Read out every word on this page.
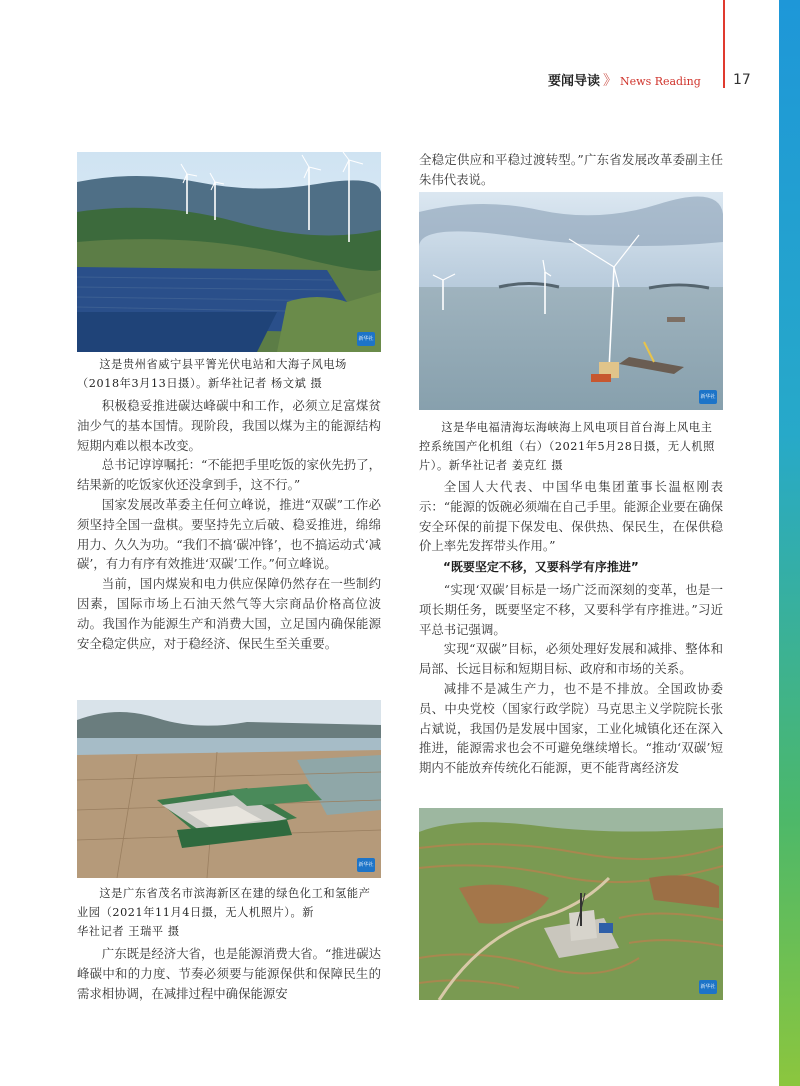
要闻导读 》 News Reading 17
新华社

这是贵州省威宁县平箐光伏电站和大海子风电场（2018年3月13日摄）。新华社记者 杨文斌 摄

积极稳妥推进碳达峰碳中和工作，必须立足富煤贫油少气的基本国情。现阶段，我国以煤为主的能源结构短期内难以根本改变。

总书记谆谆嘱托：“不能把手里吃饭的家伙先扔了，结果新的吃饭家伙还没拿到手，这不行。”

国家发展改革委主任何立峰说，推进“双碳”工作必须坚持全国一盘棋。要坚持先立后破、稳妥推进，绵绵用力、久久为功。“我们不搞‘碳冲锋’，也不搞运动式‘减碳’，有力有序有效推进‘双碳’工作。”何立峰说。

当前，国内煤炭和电力供应保障仍然存在一些制约因素，国际市场上石油天然气等大宗商品价格高位波动。我国作为能源生产和消费大国，立足国内确保能源安全稳定供应，对于稳经济、保民生至关重要。

新华社

这是广东省茂名市滨海新区在建的绿色化工和氢能产业园（2021年11月4日摄，无人机照片）。新

华社记者 王瑞平 摄

广东既是经济大省，也是能源消费大省。“推进碳达峰碳中和的力度、节奏必须要与能源保供和保障民生的需求相协调，在减排过程中确保能源安

全稳定供应和平稳过渡转型。”广东省发展改革委副主任朱伟代表说。

新华社

这是华电福清海坛海峡海上风电项目首台海上风电主控系统国产化机组（右）（2021年5月28日摄，无人机照片）。新华社记者 姜克红 摄

全国人大代表、中国华电集团董事长温枢刚表示：“能源的饭碗必须端在自己手里。能源企业要在确保安全环保的前提下保发电、保供热、保民生，在保供稳价上率先发挥带头作用。”

“既要坚定不移，又要科学有序推进”

“实现‘双碳’目标是一场广泛而深刻的变革，也是一项长期任务，既要坚定不移，又要科学有序推进。”习近平总书记强调。

实现“双碳”目标，必须处理好发展和减排、整体和局部、长远目标和短期目标、政府和市场的关系。

减排不是减生产力，也不是不排放。全国政协委员、中央党校（国家行政学院）马克思主义学院院长张占斌说，我国仍是发展中国家，工业化城镇化还在深入推进，能源需求也会不可避免继续增长。“推动‘双碳’短期内不能放弃传统化石能源，更不能背离经济发

新华社
